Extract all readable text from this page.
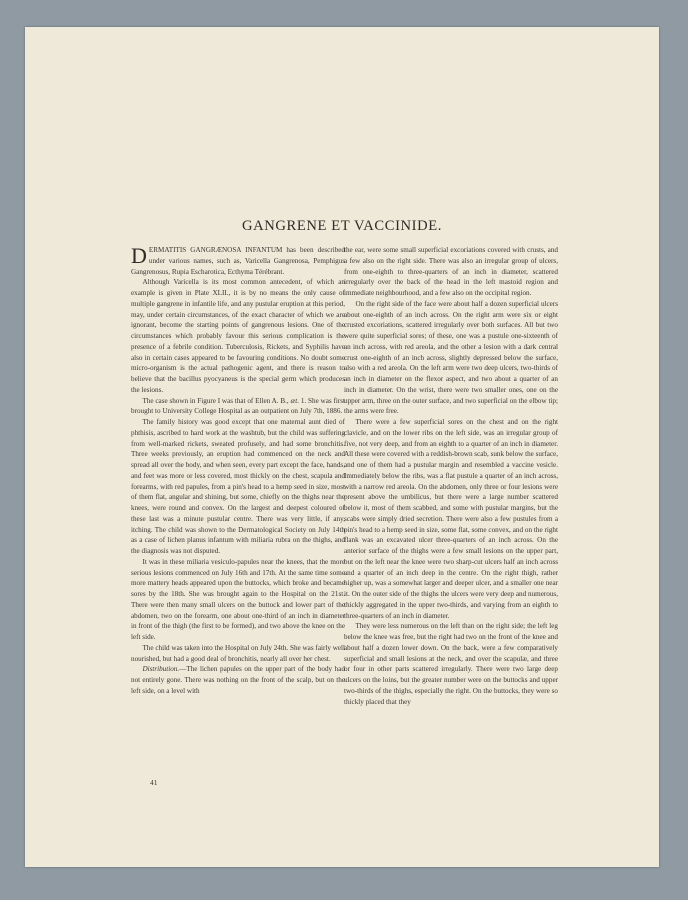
GANGRENE ET VACCINIDE.

DERMATITIS GANGRÆNOSA INFANTUM has been described under various names, such as, Varicella Gangrenosa, Pemphigus Gangrenosus, Rupia Escharotica, Ecthyma Térébrant.

Although Varicella is its most common antecedent, of which an example is given in Plate XLII., it is by no means the only cause of multiple gangrene in infantile life, and any pustular eruption at this period, may, under certain circumstances, of the exact character of which we are ignorant, become the starting points of gangrenous lesions. One of the circumstances which probably favour this serious complication is the presence of a febrile condition. Tuberculosis, Rickets, and Syphilis have also in certain cases appeared to be favouring conditions. No doubt some micro-organism is the actual pathogenic agent, and there is reason to believe that the bacillus pyocyaneus is the special germ which produces the lesions.

The case shown in Figure I was that of Ellen A. B., æt. 1. She was first brought to University College Hospital as an outpatient on July 7th, 1886.

The family history was good except that one maternal aunt died of phthisis, ascribed to hard work at the washtub, but the child was suffering from well-marked rickets, sweated profusely, and had some bronchitis. Three weeks previously, an eruption had commenced on the neck and spread all over the body, and when seen, every part except the face, hands, and feet was more or less covered, most thickly on the chest, scapula and forearms, with red papules, from a pin's head to a hemp seed in size, most of them flat, angular and shining, but some, chiefly on the thighs near the knees, were round and convex. On the largest and deepest coloured of these last was a minute pustular centre. There was very little, if any, itching. The child was shown to the Dermatological Society on July 14th as a case of lichen planus infantum with miliaria rubra on the thighs, and the diagnosis was not disputed.

It was in these miliaria vesiculo-papules near the knees, that the more serious lesions commenced on July 16th and 17th. At the same time some more mattery heads appeared upon the buttocks, which broke and became sores by the 18th. She was brought again to the Hospital on the 21st. There were then many small ulcers on the buttock and lower part of the abdomen, two on the forearm, one about one-third of an inch in diameter in front of the thigh (the first to be formed), and two above the knee on the left side.

The child was taken into the Hospital on July 24th. She was fairly well nourished, but had a good deal of bronchitis, nearly all over her chest.

Distribution.—The lichen papules on the upper part of the body had not entirely gone. There was nothing on the front of the scalp, but on the left side, on a level with

the ear, were some small superficial excoriations covered with crusts, and a few also on the right side. There was also an irregular group of ulcers, from one-eighth to three-quarters of an inch in diameter, scattered irregularly over the back of the head in the left mastoid region and immediate neighbourhood, and a few also on the occipital region.

On the right side of the face were about half a dozen superficial ulcers about one-eighth of an inch across. On the right arm were six or eight crusted excoriations, scattered irregularly over both surfaces. All but two were quite superficial sores; of these, one was a pustule one-sixteenth of an inch across, with red areola, and the other a lesion with a dark central crust one-eighth of an inch across, slightly depressed below the surface, also with a red areola. On the left arm were two deep ulcers, two-thirds of an inch in diameter on the flexor aspect, and two about a quarter of an inch in diameter. On the wrist, there were two smaller ones, one on the upper arm, three on the outer surface, and two superficial on the elbow tip; the arms were free.

There were a few superficial sores on the chest and on the right clavicle, and on the lower ribs on the left side, was an irregular group of five, not very deep, and from an eighth to a quarter of an inch in diameter. All these were covered with a reddish-brown scab, sunk below the surface, and one of them had a pustular margin and resembled a vaccine vesicle. Immediately below the ribs, was a flat pustule a quarter of an inch across, with a narrow red areola. On the abdomen, only three or four lesions were present above the umbilicus, but there were a large number scattered below it, most of them scabbed, and some with pustular margins, but the scabs were simply dried secretion. There were also a few pustules from a pin's head to a hemp seed in size, some flat, some convex, and on the right flank was an excavated ulcer three-quarters of an inch across. On the anterior surface of the thighs were a few small lesions on the upper part, but on the left near the knee were two sharp-cut ulcers half an inch across and a quarter of an inch deep in the centre. On the right thigh, rather higher up, was a somewhat larger and deeper ulcer, and a smaller one near it. On the outer side of the thighs the ulcers were very deep and numerous, thickly aggregated in the upper two-thirds, and varying from an eighth to three-quarters of an inch in diameter.

They were less numerous on the left than on the right side; the left leg below the knee was free, but the right had two on the front of the knee and about half a dozen lower down. On the back, were a few comparatively superficial and small lesions at the neck, and over the scapulæ, and three or four in other parts scattered irregularly. There were two large deep ulcers on the loins, but the greater number were on the buttocks and upper two-thirds of the thighs, especially the right. On the buttocks, they were so thickly placed that they

41
